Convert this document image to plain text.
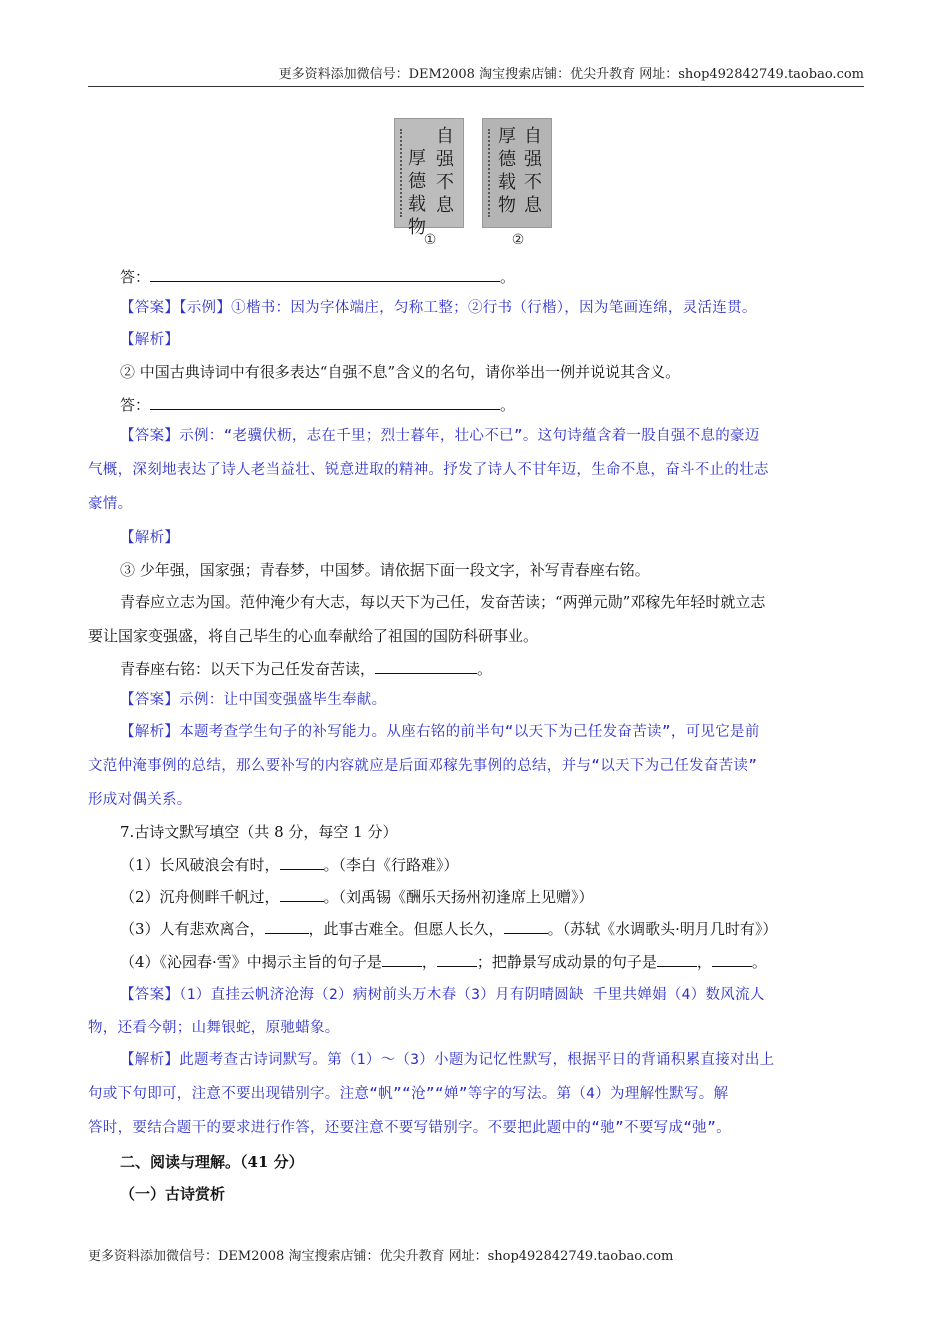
更多资料添加微信号：DEM2008 淘宝搜索店铺：优尖升教育 网址：shop492842749.taobao.com
自
强
不
息
厚
德
载
物
自
强
不
息
厚
德
载
物
①	②
答：	。
【答案】【示例】①楷书：因为字体端庄，匀称工整；②行书（行楷），因为笔画连绵，灵活连贯。
【解析】
② 中国古典诗词中有很多表达“自强不息”含义的名句，请你举出一例并说说其含义。
答：	。
【答案】示例：“老骥伏枥，志在千里；烈士暮年，壮心不已”。这句诗蕴含着一股自强不息的豪迈
气概，深刻地表达了诗人老当益壮、锐意进取的精神。抒发了诗人不甘年迈，生命不息，奋斗不止的壮志
豪情。
【解析】
③ 少年强，国家强；青春梦，中国梦。请依据下面一段文字，补写青春座右铭。
青春应立志为国。范仲淹少有大志，每以天下为己任，发奋苦读；“两弹元勋”邓稼先年轻时就立志
要让国家变强盛，将自己毕生的心血奉献给了祖国的国防科研事业。
青春座右铭：以天下为己任发奋苦读，	。
【答案】示例：让中国变强盛毕生奉献。
【解析】本题考查学生句子的补写能力。从座右铭的前半句“以天下为己任发奋苦读”，可见它是前
文范仲淹事例的总结，那么要补写的内容就应是后面邓稼先事例的总结，并与“以天下为己任发奋苦读”
形成对偶关系。
7.古诗文默写填空（共 8 分，每空 1 分）
（1）长风破浪会有时，	。（李白《行路难》）
（2）沉舟侧畔千帆过，	。（刘禹锡《酬乐天扬州初逢席上见赠》）
（3）人有悲欢离合，	，此事古难全。但愿人长久，	。（苏轼《水调歌头·明月几时有》）
（4）《沁园春·雪》中揭示主旨的句子是	，	；把静景写成动景的句子是	，	。
【答案】（1）直挂云帆济沧海（2）病树前头万木春（3）月有阴晴圆缺 千里共婵娟（4）数风流人
物，还看今朝；山舞银蛇，原驰蜡象。
【解析】此题考查古诗词默写。第（1）～（3）小题为记忆性默写，根据平日的背诵积累直接对出上
句或下句即可，注意不要出现错别字。注意“帆”“沧”“婵”等字的写法。第（4）为理解性默写。解
答时，要结合题干的要求进行作答，还要注意不要写错别字。不要把此题中的“驰”不要写成“弛”。
二、阅读与理解。（41 分）
（一）古诗赏析
更多资料添加微信号：DEM2008 淘宝搜索店铺：优尖升教育 网址：shop492842749.taobao.com
